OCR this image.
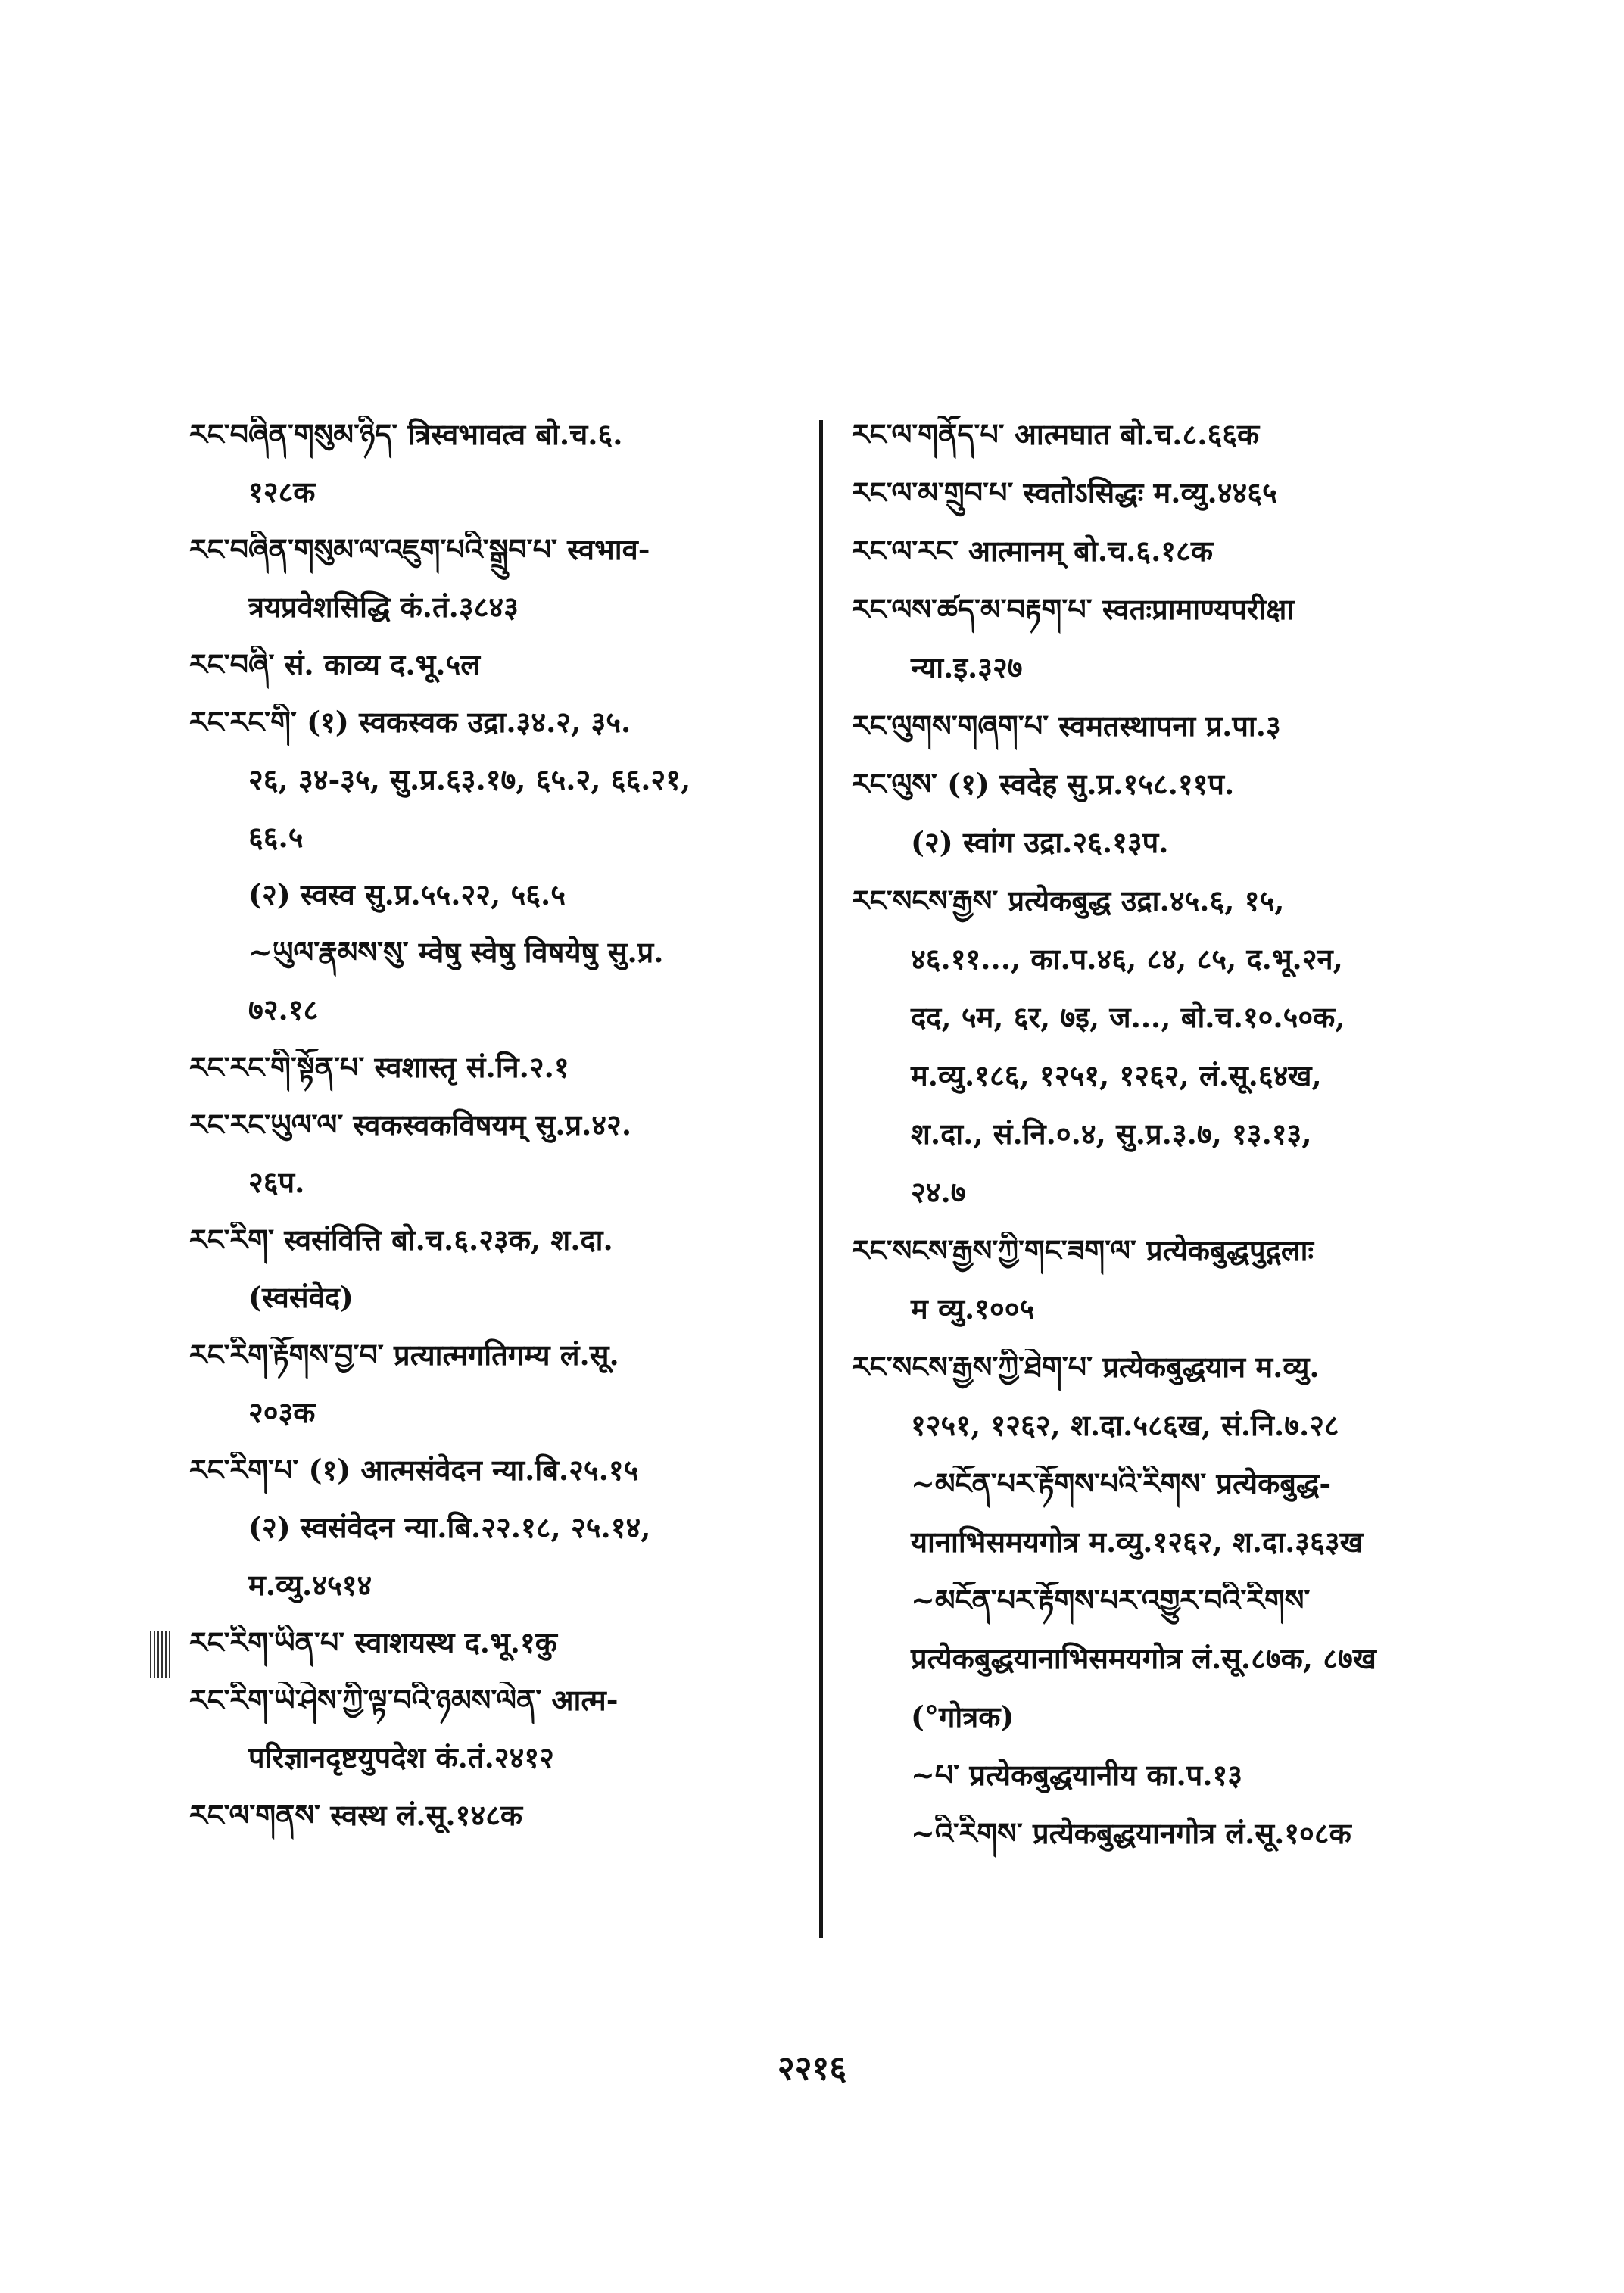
རང་བཞིན་གསུམ་ཉིད་ त्रिस्वभावत्व बो.च.६.
१२८क
རང་བཞིན་གསུམ་ལ་འཇུག་པའི་སྒྲུབ་པ་ स्वभाव-
त्रयप्रवेशसिद्धि कं.तं.३८४३
རང་བཞི་ सं. काव्य द.भू.५ल
རང་རང་གི་ (१) स्वकस्वक उद्रा.३४.२, ३५.
२६, ३४-३५, सु.प्र.६३.१७, ६५.२, ६६.२१,
६६.५
(२) स्वस्व सु.प्र.५५.२२, ५६.५
~ཡུལ་རྣམས་སུ་ म्वेषु स्वेषु विषयेषु सु.प्र.
७२.१८
རང་རང་གི་སྟོན་པ་ स्वशास्तृ सं.नि.२.१
རང་རང་ཡུལ་ལ་ स्वकस्वकविषयम् सु.प्र.४२.
२६प.
རང་རིག་ स्वसंवित्ति बो.च.६.२३क, श.दा.
(स्वसंवेद)
རང་རིག་རྟོགས་བྱ་བ་ प्रत्यात्मगतिगम्य लं.सू.
२०३क
རང་རིག་པ་ (१) आत्मसंवेदन न्या.बि.२५.१५
(२) स्वसंवेदन न्या.बि.२२.१८, २५.१४,
म.व्यु.४५१४
རང་རིག་ཡིན་པ་ स्वाशयस्थ द.भू.१कु
རང་རིག་ཡེ་ཤེས་ཀྱི་ལྟ་བའི་ཉམས་ལེན་ आत्म-
परिज्ञानदृष्टयुपदेश कं.तं.२४१२
རང་ལ་གནས་ स्वस्थ लं.सू.१४८क
རང་ལ་གནོད་པ་ आत्मघात बो.च.८.६६क
རང་ལ་མ་གྲུབ་པ་ स्वतोऽसिद्धः म.व्यु.४४६५
རང་ལ་རང་ आत्मानम् बो.च.६.१८क
རང་ལས་ཚད་མ་བརྟག་པ་ स्वतःप्रामाण्यपरीक्षा
न्या.इ.३२७
རང་ལུགས་གཞག་པ་ स्वमतस्थापना प्र.पा.३
རང་ལུས་ (१) स्वदेह सु.प्र.१५८.११प.
(२) स्वांग उद्रा.२६.१३प.
རང་སངས་རྒྱས་ प्रत्येकबुद्ध उद्रा.४५.६, १५,
४६.११..., का.प.४६, ८४, ८५, द.भू.२न,
दद, ५म, ६र, ७इ, ज..., बो.च.१०.५०क,
म.व्यु.१८६, १२५१, १२६२, लं.सू.६४ख,
श.दा., सं.नि.०.४, सु.प्र.३.७, १३.१३,
२४.७
རང་སངས་རྒྱས་ཀྱི་གང་ཟག་ལ་ प्रत्येकबुद्धपुद्गलाः
म व्यु.१००५
རང་སངས་རྒྱས་ཀྱི་ཐེག་པ་ प्रत्येकबुद्धयान म.व्यु.
१२५१, १२६२, श.दा.५८६ख, सं.नि.७.२८
~མངོན་པར་རྟོགས་པའི་རིགས་ प्रत्येकबुद्ध-
यानाभिसमयगोत्र म.व्यु.१२६२, श.दा.३६३ख
~མངོན་པར་རྟོགས་པར་འགྱུར་བའི་རིགས་
प्रत्येकबुद्धयानाभिसमयगोत्र लं.सू.८७क, ८७ख
(°गोत्रक)
~པ་ प्रत्येकबुद्धयानीय का.प.१३
~འི་རིགས་ प्रत्येकबुद्धयानगोत्र लं.सू.१०८क
२२१६
